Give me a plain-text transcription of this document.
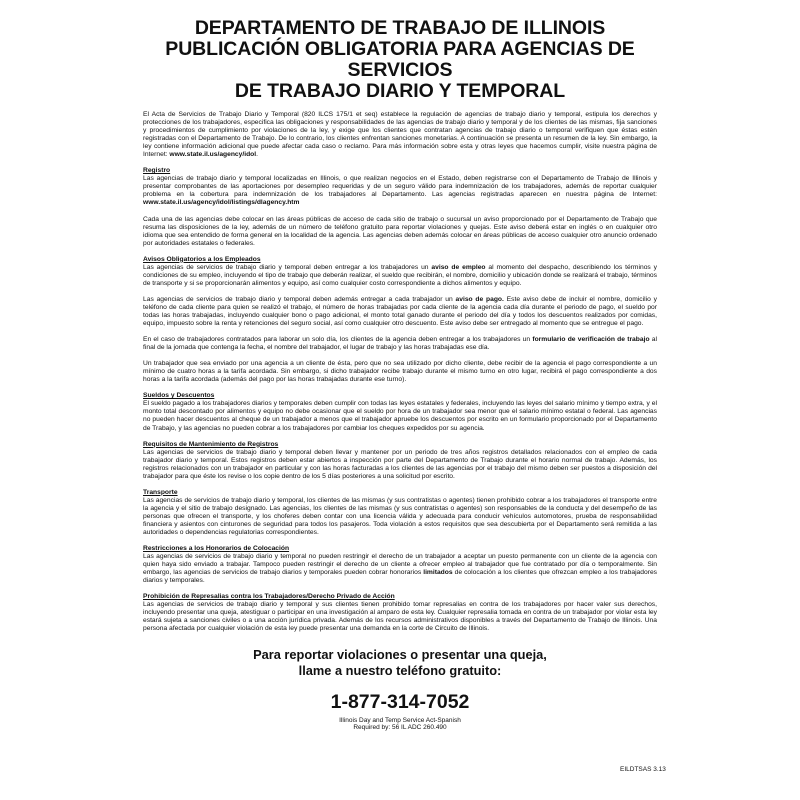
DEPARTAMENTO DE TRABAJO DE ILLINOIS
PUBLICACIÓN OBLIGATORIA PARA AGENCIAS DE SERVICIOS
DE TRABAJO DIARIO Y TEMPORAL

El Acta de Servicios de Trabajo Diario y Temporal (820 ILCS 175/1 et seq) establece la regulación de agencias de trabajo diario y temporal, estipula los derechos y protecciones de los trabajadores, especifica las obligaciones y responsabilidades de las agencias de trabajo diario y temporal y de los clientes de las mismas, fija sanciones y procedimientos de cumplimiento por violaciones de la ley, y exige que los clientes que contratan agencias de trabajo diario o temporal verifiquen que éstas estén registradas con el Departamento de Trabajo. De lo contrario, los clientes enfrentan sanciones monetarias. A continuación se presenta un resumen de la ley. Sin embargo, la ley contiene información adicional que puede afectar cada caso o reclamo. Para más información sobre esta y otras leyes que hacemos cumplir, visite nuestra página de Internet: www.state.il.us/agency/idol.

Registro

Las agencias de trabajo diario y temporal localizadas en Illinois, o que realizan negocios en el Estado, deben registrarse con el Departamento de Trabajo de Illinois y presentar comprobantes de las aportaciones por desempleo requeridas y de un seguro válido para indemnización de los trabajadores, además de reportar cualquier problema en la cobertura para indemnización de los trabajadores al Departamento. Las agencias registradas aparecen en nuestra página de Internet: www.state.il.us/agency/idol/listings/dlagency.htm

Cada una de las agencias debe colocar en las áreas públicas de acceso de cada sitio de trabajo o sucursal un aviso proporcionado por el Departamento de Trabajo que resuma las disposiciones de la ley, además de un número de teléfono gratuito para reportar violaciones y quejas. Este aviso deberá estar en inglés o en cualquier otro idioma que sea entendido de forma general en la localidad de la agencia. Las agencias deben además colocar en áreas públicas de acceso cualquier otro anuncio ordenado por autoridades estatales o federales.

Avisos Obligatorios a los Empleados

Las agencias de servicios de trabajo diario y temporal deben entregar a los trabajadores un aviso de empleo al momento del despacho, describiendo los términos y condiciones de su empleo, incluyendo el tipo de trabajo que deberán realizar, el sueldo que recibirán, el nombre, domicilio y ubicación donde se realizará el trabajo, términos de transporte y si se proporcionarán alimentos y equipo, así como cualquier costo correspondiente a dichos alimentos y equipo.

Las agencias de servicios de trabajo diario y temporal deben además entregar a cada trabajador un aviso de pago. Este aviso debe de incluir el nombre, domicilio y teléfono de cada cliente para quien se realizó el trabajo, el número de horas trabajadas por cada cliente de la agencia cada día durante el periodo de pago, el sueldo por todas las horas trabajadas, incluyendo cualquier bono o pago adicional, el monto total ganado durante el periodo del día y todos los descuentos realizados por comidas, equipo, impuesto sobre la renta y retenciones del seguro social, así como cualquier otro descuento. Este aviso debe ser entregado al momento que se entregue el pago.

En el caso de trabajadores contratados para laborar un solo día, los clientes de la agencia deben entregar a los trabajadores un formulario de verificación de trabajo al final de la jornada que contenga la fecha, el nombre del trabajador, el lugar de trabajo y las horas trabajadas ese día.

Un trabajador que sea enviado por una agencia a un cliente de ésta, pero que no sea utilizado por dicho cliente, debe recibir de la agencia el pago correspondiente a un mínimo de cuatro horas a la tarifa acordada. Sin embargo, si dicho trabajador recibe trabajo durante el mismo turno en otro lugar, recibirá el pago correspondiente a dos horas a la tarifa acordada (además del pago por las horas trabajadas durante ese turno).

Sueldos y Descuentos

El sueldo pagado a los trabajadores diarios y temporales deben cumplir con todas las leyes estatales y federales, incluyendo las leyes del salario mínimo y tiempo extra, y el monto total descontado por alimentos y equipo no debe ocasionar que el sueldo por hora de un trabajador sea menor que el salario mínimo estatal o federal. Las agencias no pueden hacer descuentos al cheque de un trabajador a menos que el trabajador apruebe los descuentos por escrito en un formulario proporcionado por el Departamento de Trabajo, y las agencias no pueden cobrar a los trabajadores por cambiar los cheques expedidos por su agencia.

Requisitos de Mantenimiento de Registros

Las agencias de servicios de trabajo diario y temporal deben llevar y mantener por un periodo de tres años registros detallados relacionados con el empleo de cada trabajador diario y temporal. Estos registros deben estar abiertos a inspección por parte del Departamento de Trabajo durante el horario normal de trabajo. Además, los registros relacionados con un trabajador en particular y con las horas facturadas a los clientes de las agencias por el trabajo del mismo deben ser puestos a disposición del trabajador para que éste los revise o los copie dentro de los 5 días posteriores a una solicitud por escrito.

Transporte

Las agencias de servicios de trabajo diario y temporal, los clientes de las mismas (y sus contratistas o agentes) tienen prohibido cobrar a los trabajadores el transporte entre la agencia y el sitio de trabajo designado. Las agencias, los clientes de las mismas (y sus contratistas o agentes) son responsables de la conducta y del desempeño de las personas que ofrecen el transporte, y los choferes deben contar con una licencia válida y adecuada para conducir vehículos automotores, prueba de responsabilidad financiera y asientos con cinturones de seguridad para todos los pasajeros. Toda violación a estos requisitos que sea descubierta por el Departamento será remitida a las autoridades o dependencias regulatorias correspondientes.

Restricciones a los Honorarios de Colocación

Las agencias de servicios de trabajo diario y temporal no pueden restringir el derecho de un trabajador a aceptar un puesto permanente con un cliente de la agencia con quien haya sido enviado a trabajar. Tampoco pueden restringir el derecho de un cliente a ofrecer empleo al trabajador que fue contratado por día o temporalmente. Sin embargo, las agencias de servicios de trabajo diarios y temporales pueden cobrar honorarios limitados de colocación a los clientes que ofrezcan empleo a los trabajadores diarios y temporales.

Prohibición de Represalias contra los Trabajadores/Derecho Privado de Acción

Las agencias de servicios de trabajo diario y temporal y sus clientes tienen prohibido tomar represalias en contra de los trabajadores por hacer valer sus derechos, incluyendo presentar una queja, atestiguar o participar en una investigación al amparo de esta ley. Cualquier represalia tomada en contra de un trabajador por violar esta ley estará sujeta a sanciones civiles o a una acción jurídica privada. Además de los recursos administrativos disponibles a través del Departamento de Trabajo de Illinois. Una persona afectada por cualquier violación de esta ley puede presentar una demanda en la corte de Circuito de Illinois.

Para reportar violaciones o presentar una queja,
llame a nuestro teléfono gratuito:
1-877-314-7052
Illinois Day and Temp Service Act-Spanish
Required by: 56 IL ADC 260.490
EILDTSAS 3.13
